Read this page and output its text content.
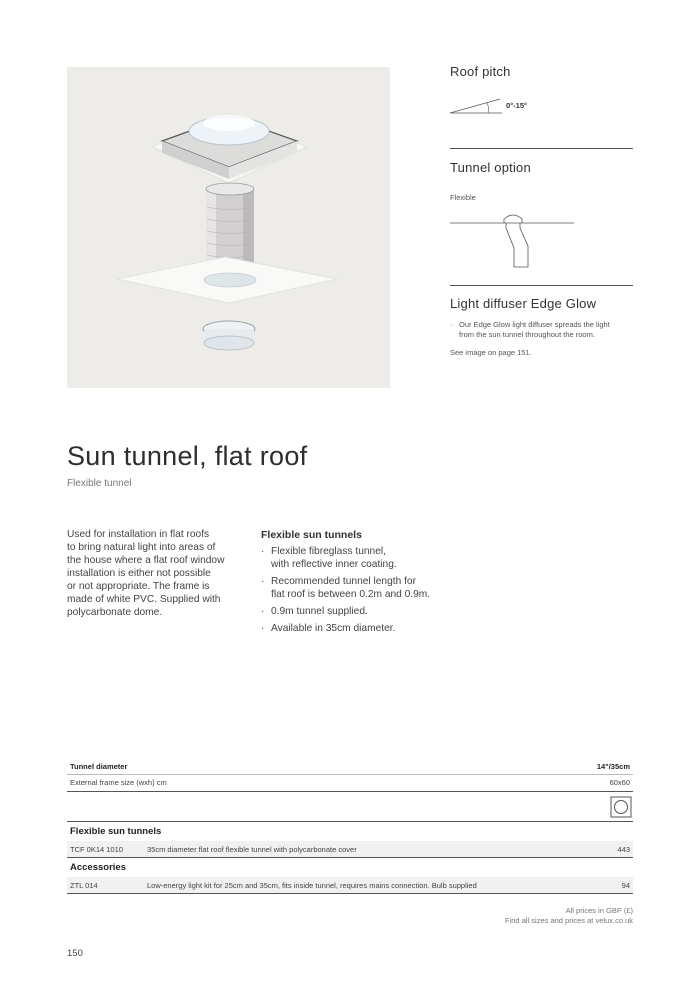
Roof pitch
0°-15°
Tunnel option
Flexible
Light diffuser Edge Glow
· Our Edge Glow light diffuser spreads the light
from the sun tunnel throughout the room.
See image on page 151.
Sun tunnel, flat roof
Flexible tunnel
Used for installation in flat roofs
to bring natural light into areas of
the house where a flat roof window
installation is either not possible
or not appropriate. The frame is
made of white PVC. Supplied with
polycarbonate dome.
Flexible sun tunnels
· Flexible fibreglass tunnel,
with reflective inner coating.
· Recommended tunnel length for
flat roof is between 0.2m and 0.9m.
· 0.9m tunnel supplied.
· Available in 35cm diameter.
Tunnel diameter	14"/35cm
External frame size (wxh) cm	60x60
Flexible sun tunnels
TCF 0K14 1010	35cm diameter flat roof flexible tunnel with polycarbonate cover	443
Accessories
ZTL 014	Low-energy light kit for 25cm and 35cm, fits inside tunnel, requires mains connection. Bulb supplied	94
All prices in GBP (£)
Find all sizes and prices at velux.co.uk
150
